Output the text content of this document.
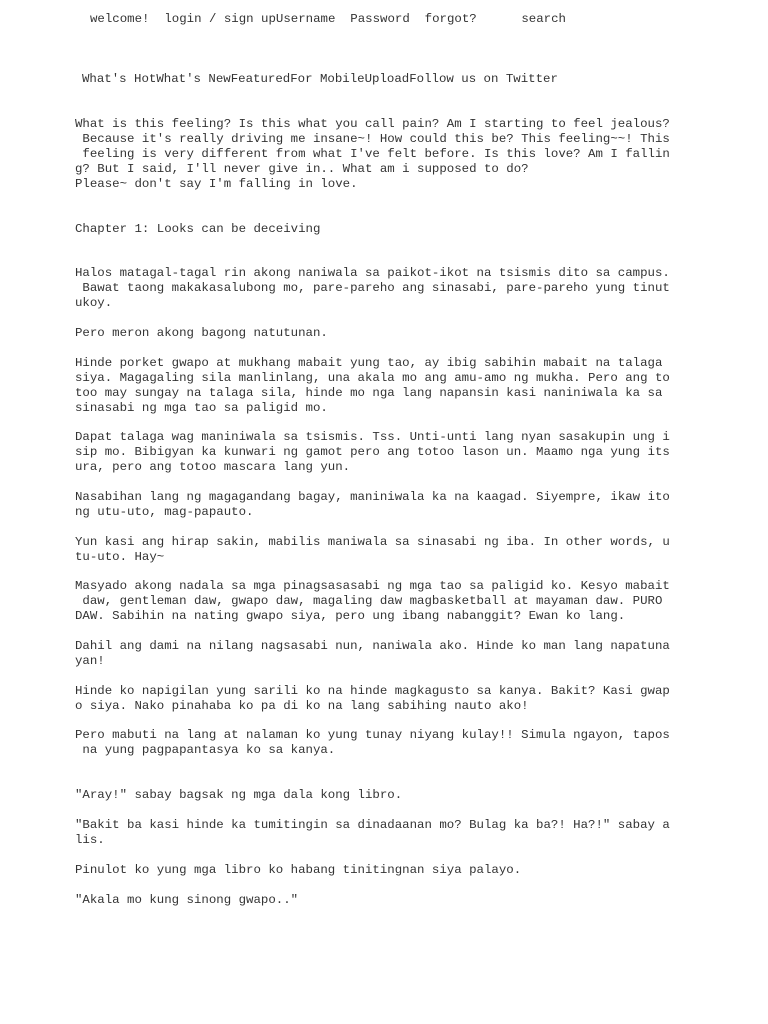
welcome! login / sign upUsername Password forgot?	search
What's HotWhat's NewFeaturedFor MobileUploadFollow us on Twitter
What is this feeling? Is this what you call pain? Am I starting to feel jealous?
Because it's really driving me insane~! How could this be? This feeling~~! This
feeling is very different from what I've felt before. Is this love? Am I fallin
g? But I said, I'll never give in.. What am i supposed to do?
Please~ don't say I'm falling in love.
Chapter 1: Looks can be deceiving
Halos matagal-tagal rin akong naniwala sa paikot-ikot na tsismis dito sa campus.
Bawat taong makakasalubong mo, pare-pareho ang sinasabi, pare-pareho yung tinut
ukoy.
Pero meron akong bagong natutunan.
Hinde porket gwapo at mukhang mabait yung tao, ay ibig sabihin mabait na talaga
siya. Magagaling sila manlinlang, una akala mo ang amu-amo ng mukha. Pero ang to
too may sungay na talaga sila, hinde mo nga lang napansin kasi naniniwala ka sa
sinasabi ng mga tao sa paligid mo.
Dapat talaga wag maniniwala sa tsismis. Tss. Unti-unti lang nyan sasakupin ung i
sip mo. Bibigyan ka kunwari ng gamot pero ang totoo lason un. Maamo nga yung its
ura, pero ang totoo mascara lang yun.
Nasabihan lang ng magagandang bagay, maniniwala ka na kaagad. Siyempre, ikaw ito
ng utu-uto, mag-papauto.
Yun kasi ang hirap sakin, mabilis maniwala sa sinasabi ng iba. In other words, u
tu-uto. Hay~
Masyado akong nadala sa mga pinagsasasabi ng mga tao sa paligid ko. Kesyo mabait
daw, gentleman daw, gwapo daw, magaling daw magbasketball at mayaman daw. PURO
DAW. Sabihin na nating gwapo siya, pero ung ibang nabanggit? Ewan ko lang.
Dahil ang dami na nilang nagsasabi nun, naniwala ako. Hinde ko man lang napatuna
yan!
Hinde ko napigilan yung sarili ko na hinde magkagusto sa kanya. Bakit? Kasi gwap
o siya. Nako pinahaba ko pa di ko na lang sabihing nauto ako!
Pero mabuti na lang at nalaman ko yung tunay niyang kulay!! Simula ngayon, tapos
na yung pagpapantasya ko sa kanya.
"Aray!" sabay bagsak ng mga dala kong libro.
"Bakit ba kasi hinde ka tumitingin sa dinadaanan mo? Bulag ka ba?! Ha?!" sabay a
lis.
Pinulot ko yung mga libro ko habang tinitingnan siya palayo.
"Akala mo kung sinong gwapo.."
